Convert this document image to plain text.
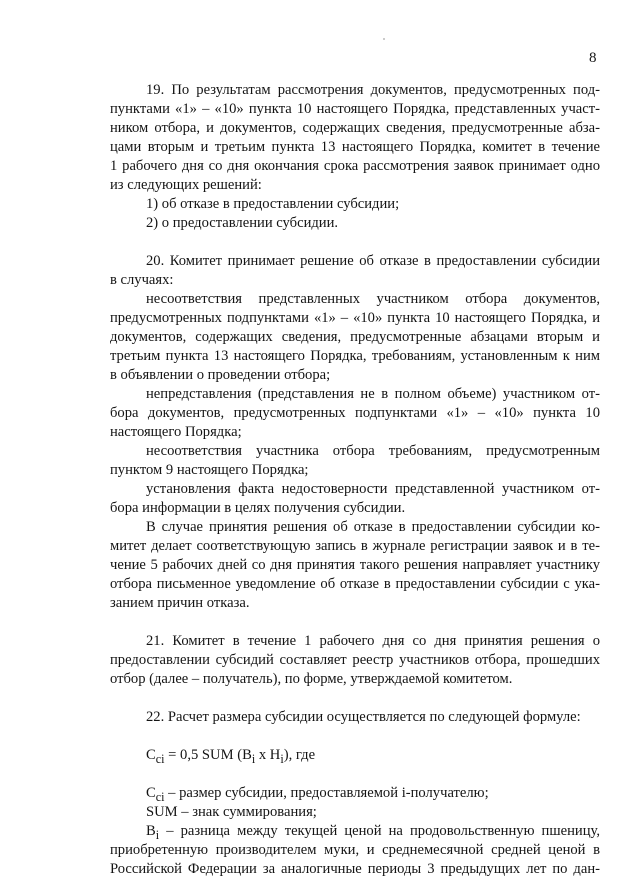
8
19. По результатам рассмотрения документов, предусмотренных под-
пунктами «1» – «10» пункта 10 настоящего Порядка, представленных участ-
ником отбора, и документов, содержащих сведения, предусмотренные абза-
цами вторым и третьим пункта 13 настоящего Порядка, комитет в течение
1 рабочего дня со дня окончания срока рассмотрения заявок принимает одно
из следующих решений:
1) об отказе в предоставлении субсидии;
2) о предоставлении субсидии.
20. Комитет принимает решение об отказе в предоставлении субсидии
в случаях:
несоответствия представленных участником отбора документов,
предусмотренных подпунктами «1» – «10» пункта 10 настоящего Порядка, и
документов, содержащих сведения, предусмотренные абзацами вторым и
третьим пункта 13 настоящего Порядка, требованиям, установленным к ним
в объявлении о проведении отбора;
непредставления (представления не в полном объеме) участником от-
бора документов, предусмотренных подпунктами «1» – «10» пункта 10
настоящего Порядка;
несоответствия участника отбора требованиям, предусмотренным
пунктом 9 настоящего Порядка;
установления факта недостоверности представленной участником от-
бора информации в целях получения субсидии.
В случае принятия решения об отказе в предоставлении субсидии ко-
митет делает соответствующую запись в журнале регистрации заявок и в те-
чение 5 рабочих дней со дня принятия такого решения направляет участнику
отбора письменное уведомление об отказе в предоставлении субсидии с ука-
занием причин отказа.
21. Комитет в течение 1 рабочего дня со дня принятия решения о
предоставлении субсидий составляет реестр участников отбора, прошедших
отбор (далее – получатель), по форме, утверждаемой комитетом.
22. Расчет размера субсидии осуществляется по следующей формуле:
$C_{ci} = 0,5$ SUM ($B_i$ x $H_i$), где
$C_{ci}$ – размер субсидии, предоставляемой i-получателю;
SUM – знак суммирования;
$B_i$ – разница между текущей ценой на продовольственную пшеницу,
приобретенную производителем муки, и среднемесячной средней ценой в
Российской Федерации за аналогичные периоды 3 предыдущих лет по дан-
